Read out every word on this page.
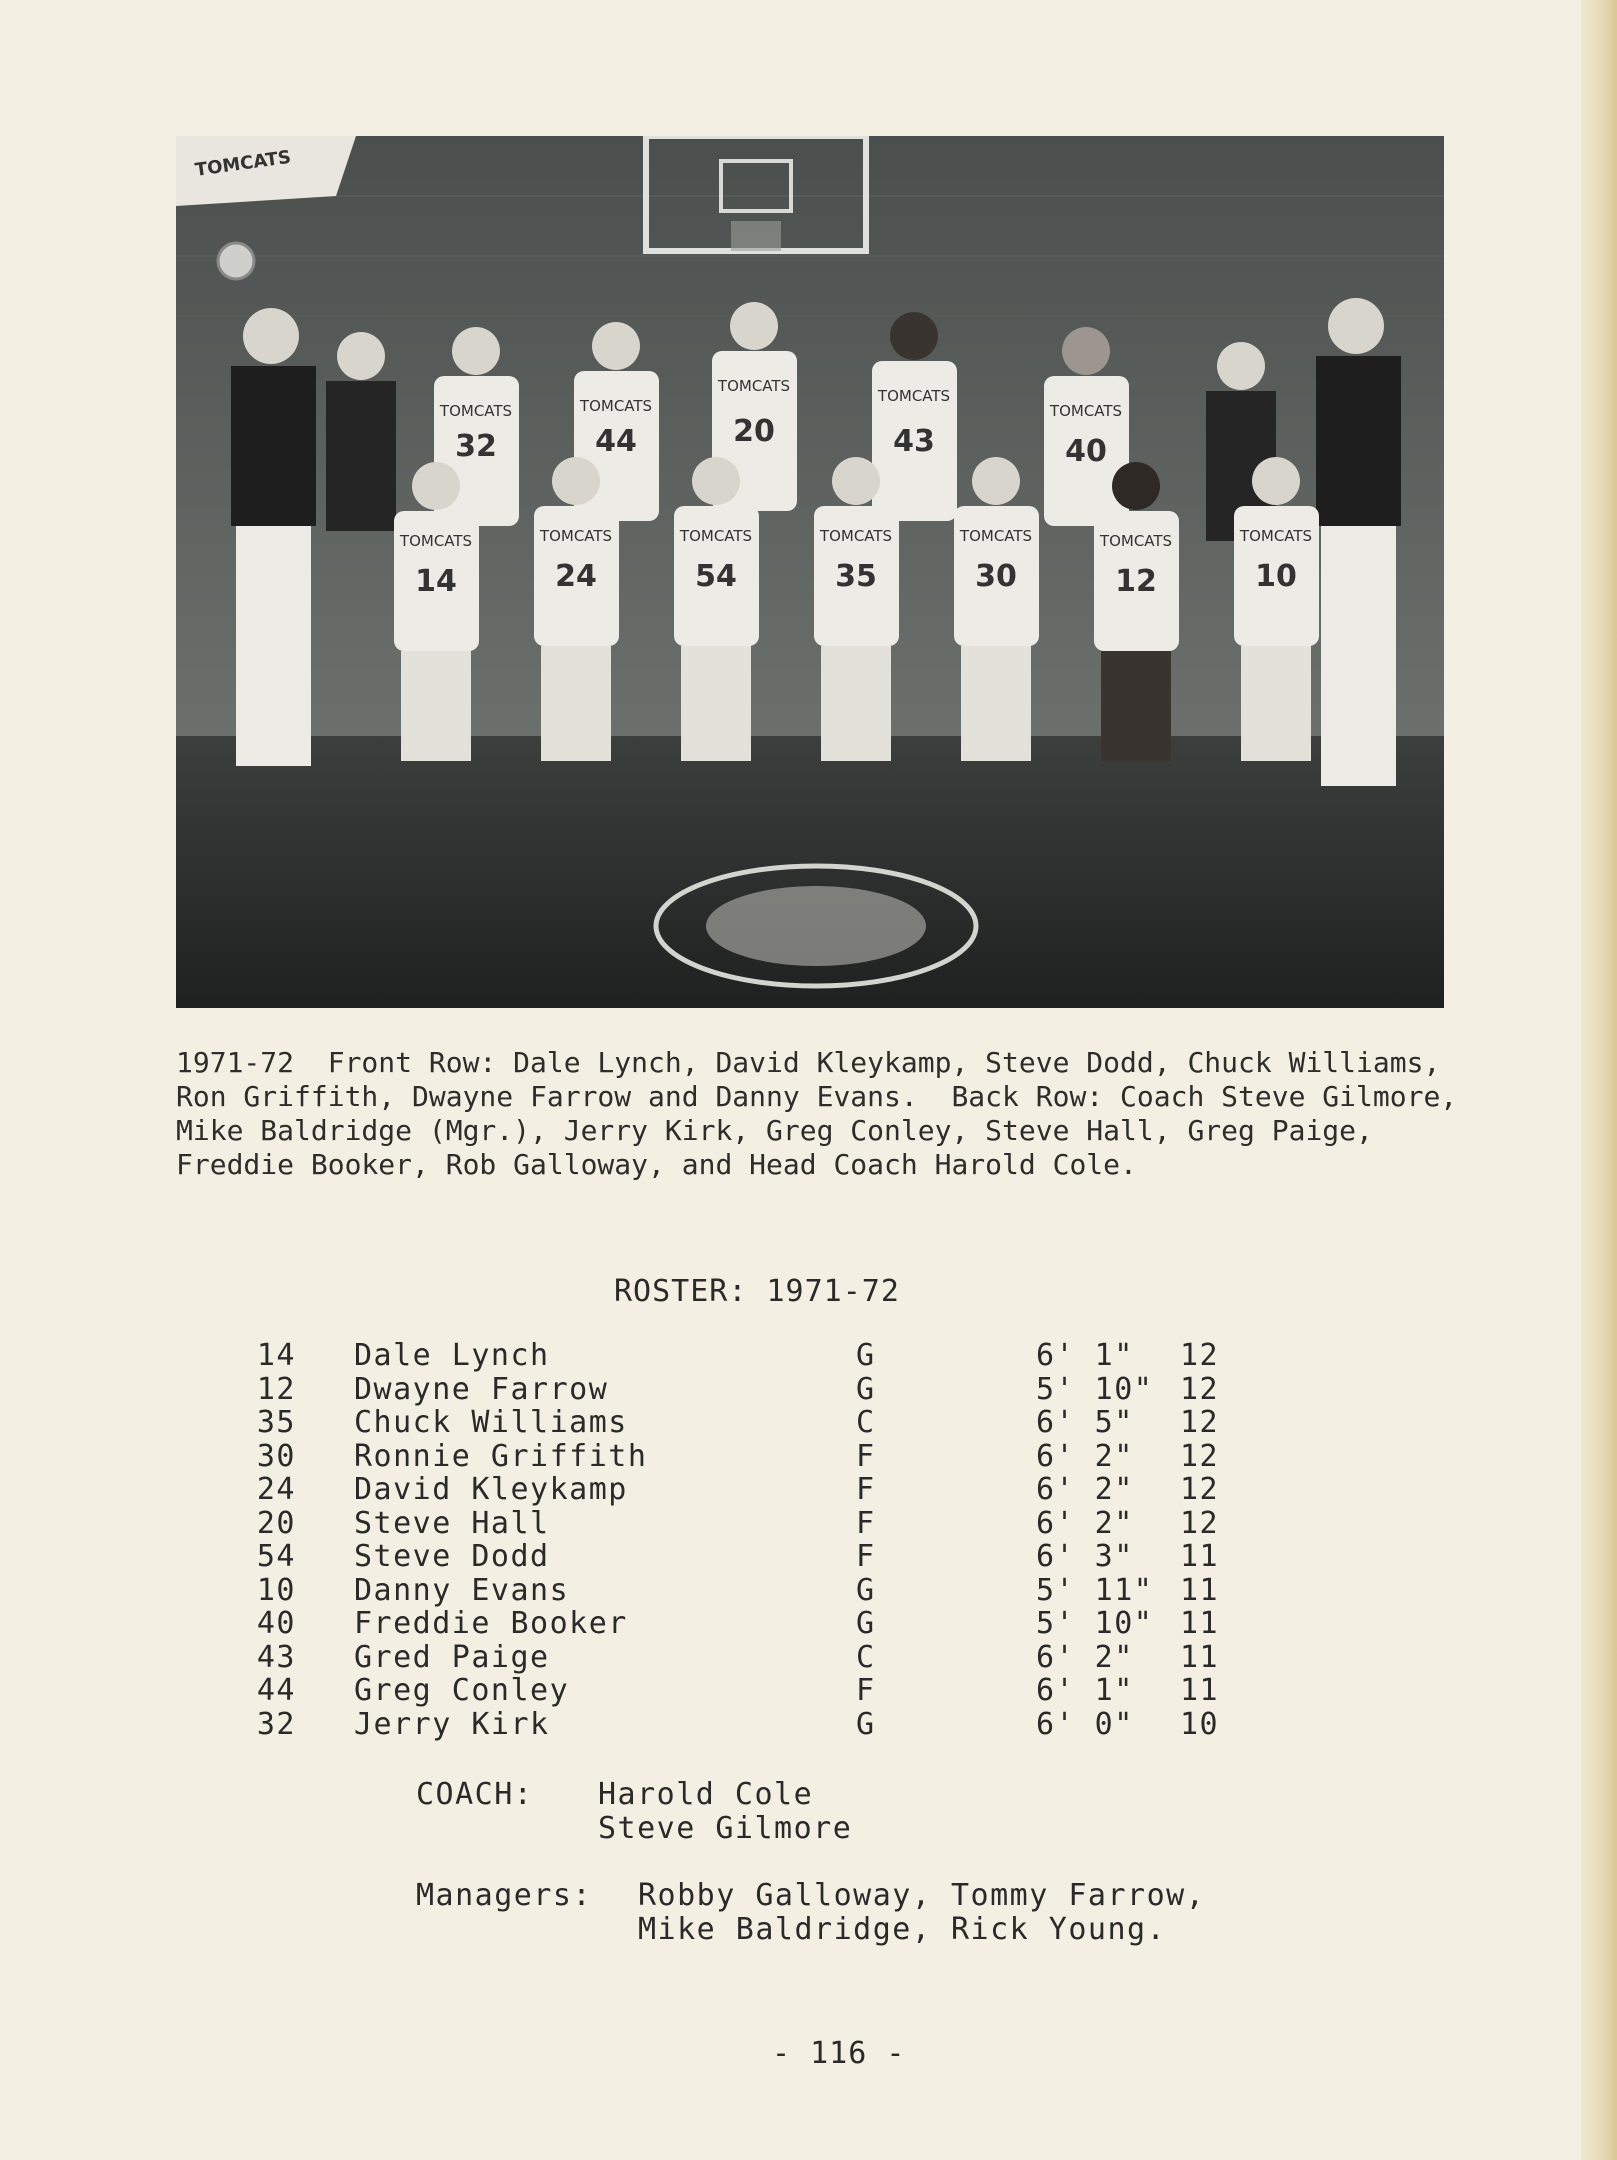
TOMCATS
TOMCATS
32
TOMCATS
44
TOMCATS
20
TOMCATS
43
TOMCATS
40
TOMCATS
14
TOMCATS
24
TOMCATS
54
TOMCATS
35
TOMCATS
30
TOMCATS
12
TOMCATS
10
1971-72  Front Row: Dale Lynch, David Kleykamp, Steve Dodd, Chuck Williams,
Ron Griffith, Dwayne Farrow and Danny Evans.  Back Row: Coach Steve Gilmore,
Mike Baldridge (Mgr.), Jerry Kirk, Greg Conley, Steve Hall, Greg Paige,
Freddie Booker, Rob Galloway, and Head Coach Harold Cole.
ROSTER: 1971-72
14 Dale Lynch	G	6' 1" 12
12 Dwayne Farrow	G	5' 10" 12
35 Chuck Williams	C	6' 5" 12
30 Ronnie Griffith	F	6' 2" 12
24 David Kleykamp	F	6' 2" 12
20 Steve Hall	F	6' 2" 12
54 Steve Dodd	F	6' 3" 11
10 Danny Evans	G	5' 11" 11
40 Freddie Booker	G	5' 10" 11
43 Gred Paige	C	6' 2" 11
44 Greg Conley	F	6' 1" 11
32 Jerry Kirk	G	6' 0" 10
COACH: Harold Cole
Steve Gilmore
Managers: Robby Galloway, Tommy Farrow,
Mike Baldridge, Rick Young.
- 116 -
